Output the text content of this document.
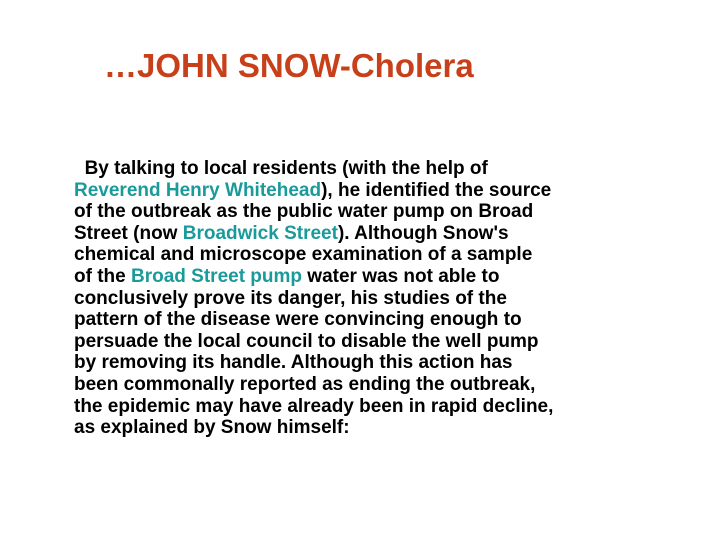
…JOHN SNOW-Cholera
By talking to local residents (with the help of
Reverend Henry Whitehead), he identified the source
of the outbreak as the public water pump on Broad
Street (now Broadwick Street). Although Snow's
chemical and microscope examination of a sample
of the Broad Street pump water was not able to
conclusively prove its danger, his studies of the
pattern of the disease were convincing enough to
persuade the local council to disable the well pump
by removing its handle. Although this action has
been commonally reported as ending the outbreak,
the epidemic may have already been in rapid decline,
as explained by Snow himself:
